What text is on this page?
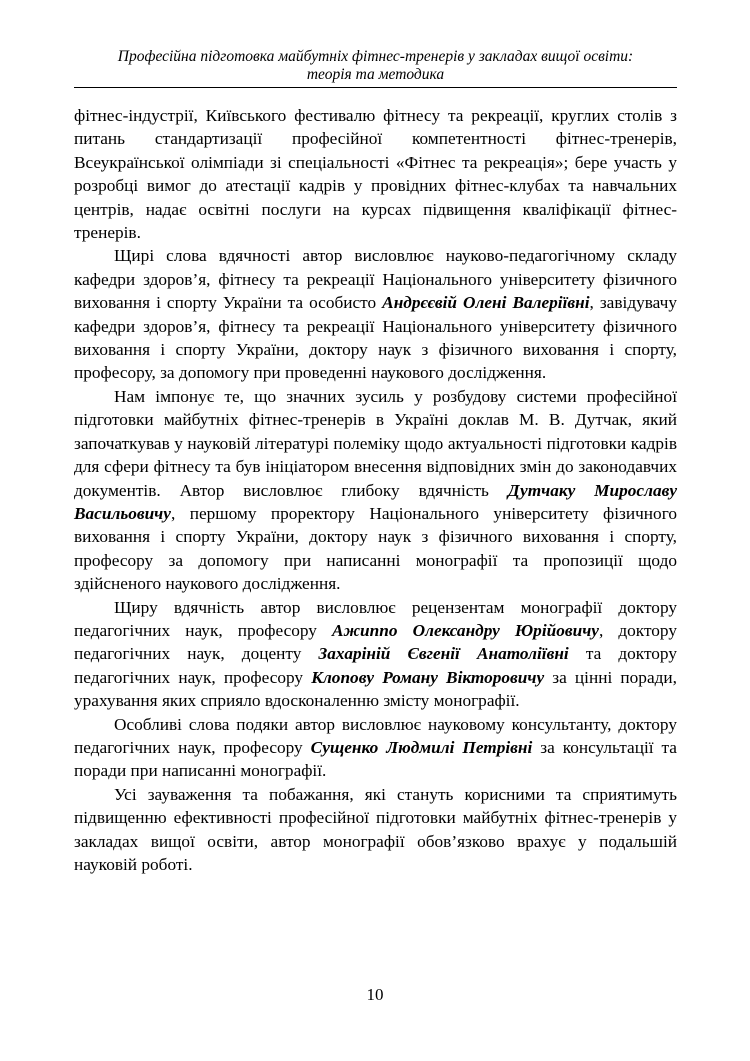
Професійна підготовка майбутніх фітнес-тренерів у закладах вищої освіти:
теорія та методика

фітнес-індустрії, Київського фестивалю фітнесу та рекреації, круглих столів з питань стандартизації професійної компетентності фітнес-тренерів, Всеукраїнської олімпіади зі спеціальності «Фітнес та рекреація»; бере участь у розробці вимог до атестації кадрів у провідних фітнес-клубах та навчальних центрів, надає освітні послуги на курсах підвищення кваліфікації фітнес-тренерів.

Щирі слова вдячності автор висловлює науково-педагогічному складу кафедри здоров’я, фітнесу та рекреації Національного університету фізичного виховання і спорту України та особисто Андрєєвій Олені Валеріївні, завідувачу кафедри здоров’я, фітнесу та рекреації Національного університету фізичного виховання і спорту України, доктору наук з фізичного виховання і спорту, професору, за допомогу при проведенні наукового дослідження.

Нам імпонує те, що значних зусиль у розбудову системи професійної підготовки майбутніх фітнес-тренерів в Україні доклав М. В. Дутчак, який започаткував у науковій літературі полеміку щодо актуальності підготовки кадрів для сфери фітнесу та був ініціатором внесення відповідних змін до законодавчих документів. Автор висловлює глибоку вдячність Дутчаку Мирославу Васильовичу, першому проректору Національного університету фізичного виховання і спорту України, доктору наук з фізичного виховання і спорту, професору за допомогу при написанні монографії та пропозиції щодо здійсненого наукового дослідження.

Щиру вдячність автор висловлює рецензентам монографії доктору педагогічних наук, професору Ажиппо Олександру Юрійовичу, доктору педагогічних наук, доценту Захаріній Євгенії Анатоліївні та доктору педагогічних наук, професору Клопову Роману Вікторовичу за цінні поради, урахування яких сприяло вдосконаленню змісту монографії.

Особливі слова подяки автор висловлює науковому консультанту, доктору педагогічних наук, професору Сущенко Людмилі Петрівні за консультації та поради при написанні монографії.

Усі зауваження та побажання, які стануть корисними та сприятимуть підвищенню ефективності професійної підготовки майбутніх фітнес-тренерів у закладах вищої освіти, автор монографії обов’язково врахує у подальшій науковій роботі.

10
